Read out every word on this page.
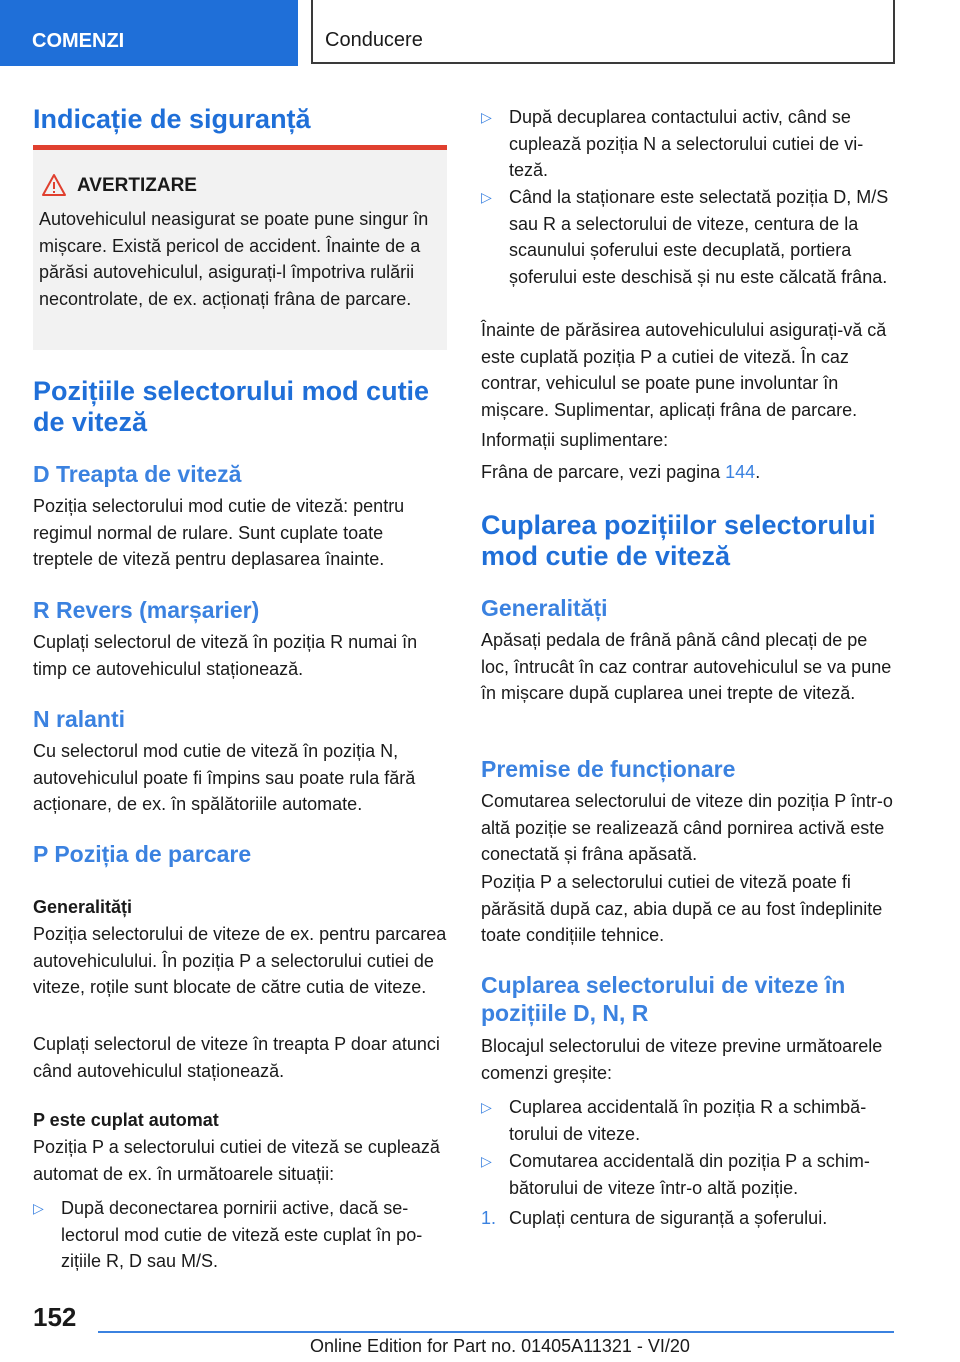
COMENZI	Conducere
Indicație de siguranță
AVERTIZARE
Autovehiculul neasigurat se poate pune singur în mișcare. Există pericol de accident. Înainte de a părăsi autovehiculul, asigurați-l împotriva rulării necontrolate, de ex. acționați frâna de parcare.
Pozițiile selectorului mod cutie de viteză
D Treapta de viteză

Poziția selectorului mod cutie de viteză: pentru regimul normal de rulare. Sunt cuplate toate treptele de viteză pentru deplasarea înainte.

R Revers (marșarier)

Cuplați selectorul de viteză în poziția R numai în timp ce autovehiculul staționează.

N ralanti

Cu selectorul mod cutie de viteză în poziția N, autovehiculul poate fi împins sau poate rula fără acționare, de ex. în spălătoriile automate.

P Poziția de parcare
Generalități

Poziția selectorului de viteze de ex. pentru parcarea autovehiculului. În poziția P a selectorului cutiei de viteze, roțile sunt blocate de către cutia de viteze.

Cuplați selectorul de viteze în treapta P doar atunci când autovehiculul staționează.

P este cuplat automat

Poziția P a selectorului cutiei de viteză se cuplează automat de ex. în următoarele situații:

▷ După deconectarea pornirii active, dacă selectorul mod cutie de viteză este cuplat în pozițiile R, D sau M/S.
▷ După decuplarea contactului activ, când se cuplează poziția N a selectorului cutiei de viteză.
▷ Când la staționare este selectată poziția D, M/S sau R a selectorului de viteze, centura de la scaunului șoferului este decuplată, portiera șoferului este deschisă și nu este călcată frâna.

Înainte de părăsirea autovehiculului asigurați-vă că este cuplată poziția P a cutiei de viteză. În caz contrar, vehiculul se poate pune involuntar în mișcare. Suplimentar, aplicați frâna de parcare.

Informații suplimentare:

Frâna de parcare, vezi pagina 144.

Cuplarea pozițiilor selectorului mod cutie de viteză
Generalități

Apăsați pedala de frână până când plecați de pe loc, întrucât în caz contrar autovehiculul se va pune în mișcare după cuplarea unei trepte de viteză.

Premise de funcționare

Comutarea selectorului de viteze din poziția P într-o altă poziție se realizează când pornirea activă este conectată și frâna apăsată.

Poziția P a selectorului cutiei de viteză poate fi părăsită după caz, abia după ce au fost îndeplinite toate condițiile tehnice.

Cuplarea selectorului de viteze în pozițiile D, N, R

Blocajul selectorului de viteze previne următoarele comenzi greșite:

▷ Cuplarea accidentală în poziția R a schimbătorului de viteze.
▷ Comutarea accidentală din poziția P a schimbătorului de viteze într-o altă poziție.
1. Cuplați centura de siguranță a șoferului.
152
Online Edition for Part no. 01405A11321 - VI/20
